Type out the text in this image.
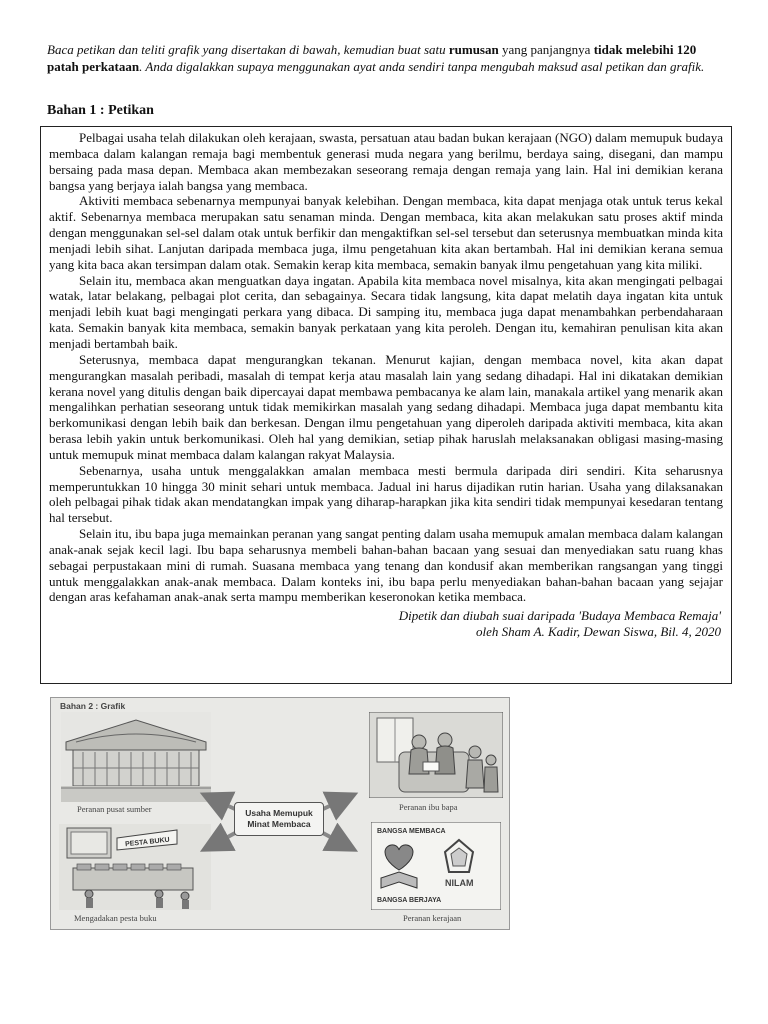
Baca petikan dan teliti grafik yang disertakan di bawah, kemudian buat satu rumusan yang panjangnya tidak melebihi 120 patah perkataan. Anda digalakkan supaya menggunakan ayat anda sendiri tanpa mengubah maksud asal petikan dan grafik.
Bahan 1 : Petikan

Pelbagai usaha telah dilakukan oleh kerajaan, swasta, persatuan atau badan bukan kerajaan (NGO) dalam memupuk budaya membaca dalam kalangan remaja bagi membentuk generasi muda negara yang berilmu, berdaya saing, disegani, dan mampu bersaing pada masa depan. Membaca akan membezakan seseorang remaja dengan remaja yang lain. Hal ini demikian kerana bangsa yang berjaya ialah bangsa yang membaca.

Aktiviti membaca sebenarnya mempunyai banyak kelebihan. Dengan membaca, kita dapat menjaga otak untuk terus kekal aktif. Sebenarnya membaca merupakan satu senaman minda. Dengan membaca, kita akan melakukan satu proses aktif minda dengan menggunakan sel-sel dalam otak untuk berfikir dan mengaktifkan sel-sel tersebut dan seterusnya membuatkan minda kita menjadi lebih sihat. Lanjutan daripada membaca juga, ilmu pengetahuan kita akan bertambah. Hal ini demikian kerana semua yang kita baca akan tersimpan dalam otak. Semakin kerap kita membaca, semakin banyak ilmu pengetahuan yang kita miliki.

Selain itu, membaca akan menguatkan daya ingatan. Apabila kita membaca novel misalnya, kita akan mengingati pelbagai watak, latar belakang, pelbagai plot cerita, dan sebagainya. Secara tidak langsung, kita dapat melatih daya ingatan kita untuk menjadi lebih kuat bagi mengingati perkara yang dibaca. Di samping itu, membaca juga dapat menambahkan perbendaharaan kata. Semakin banyak kita membaca, semakin banyak perkataan yang kita peroleh. Dengan itu, kemahiran penulisan kita akan menjadi bertambah baik.

Seterusnya, membaca dapat mengurangkan tekanan. Menurut kajian, dengan membaca novel, kita akan dapat mengurangkan masalah peribadi, masalah di tempat kerja atau masalah lain yang sedang dihadapi. Hal ini dikatakan demikian kerana novel yang ditulis dengan baik dipercayai dapat membawa pembacanya ke alam lain, manakala artikel yang menarik akan mengalihkan perhatian seseorang untuk tidak memikirkan masalah yang sedang dihadapi. Membaca juga dapat membantu kita berkomunikasi dengan lebih baik dan berkesan. Dengan ilmu pengetahuan yang diperoleh daripada aktiviti membaca, kita akan berasa lebih yakin untuk berkomunikasi. Oleh hal yang demikian, setiap pihak haruslah melaksanakan obligasi masing-masing untuk memupuk minat membaca dalam kalangan rakyat Malaysia.

Sebenarnya, usaha untuk menggalakkan amalan membaca mesti bermula daripada diri sendiri. Kita seharusnya memperuntukkan 10 hingga 30 minit sehari untuk membaca. Jadual ini harus dijadikan rutin harian. Usaha yang dilaksanakan oleh pelbagai pihak tidak akan mendatangkan impak yang diharap-harapkan jika kita sendiri tidak mempunyai kesedaran tentang hal tersebut.

Selain itu, ibu bapa juga memainkan peranan yang sangat penting dalam usaha memupuk amalan membaca dalam kalangan anak-anak sejak kecil lagi. Ibu bapa seharusnya membeli bahan-bahan bacaan yang sesuai dan menyediakan satu ruang khas sebagai perpustakaan mini di rumah. Suasana membaca yang tenang dan kondusif akan memberikan rangsangan yang tinggi untuk menggalakkan anak-anak membaca. Dalam konteks ini, ibu bapa perlu menyediakan bahan-bahan bacaan yang sejajar dengan aras kefahaman anak-anak serta mampu memberikan keseronokan ketika membaca.

Dipetik dan diubah suai daripada 'Budaya Membaca Remaja'
oleh Sham A. Kadir, Dewan Siswa, Bil. 4, 2020
Bahan 2 : Grafik
Peranan pusat sumber	Peranan ibu bapa
PESTA BUKU
Mengadakan pesta buku
BANGSA MEMBACA
BANGSA BERJAYA
NILAM
Peranan kerajaan
Usaha Memupuk
Minat Membaca
